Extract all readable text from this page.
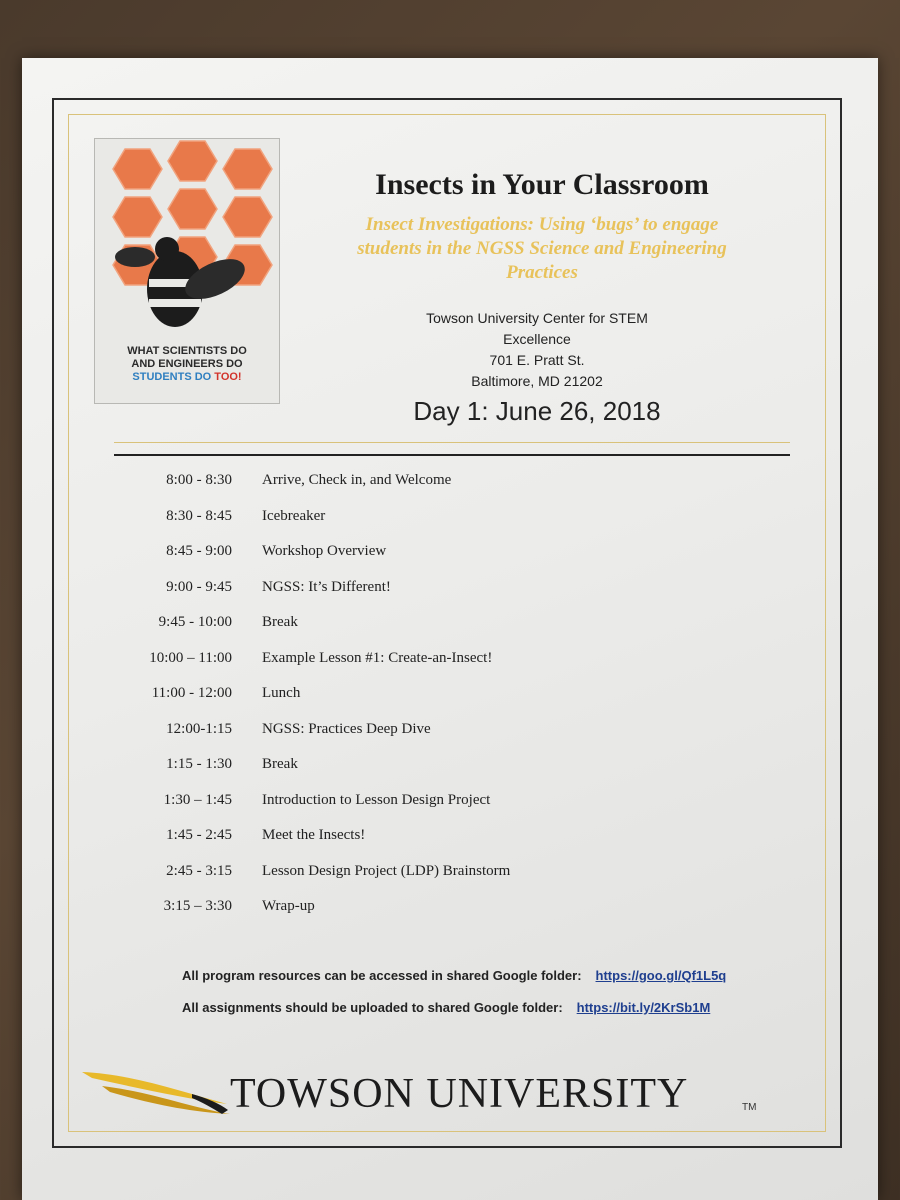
WHAT SCIENTISTS DO
AND ENGINEERS DO
STUDENTS DO TOO!
Insects in Your Classroom
Insect Investigations: Using ‘bugs’ to engage students in the NGSS Science and Engineering Practices
Towson University Center for STEM
Excellence
701 E. Pratt St.
Baltimore, MD 21202
Day 1: June 26, 2018
8:00 - 8:30 Arrive, Check in, and Welcome
8:30 - 8:45 Icebreaker
8:45 - 9:00 Workshop Overview
9:00 - 9:45 NGSS: It’s Different!
9:45 - 10:00 Break
10:00 – 11:00 Example Lesson #1: Create-an-Insect!
11:00 - 12:00 Lunch
12:00-1:15 NGSS: Practices Deep Dive
1:15 - 1:30 Break
1:30 – 1:45 Introduction to Lesson Design Project
1:45 - 2:45 Meet the Insects!
2:45 - 3:15 Lesson Design Project (LDP) Brainstorm
3:15 – 3:30 Wrap-up
All program resources can be accessed in shared Google folder: https://goo.gl/Qf1L5q
All assignments should be uploaded to shared Google folder: https://bit.ly/2KrSb1M
TOWSON UNIVERSITY	TM
